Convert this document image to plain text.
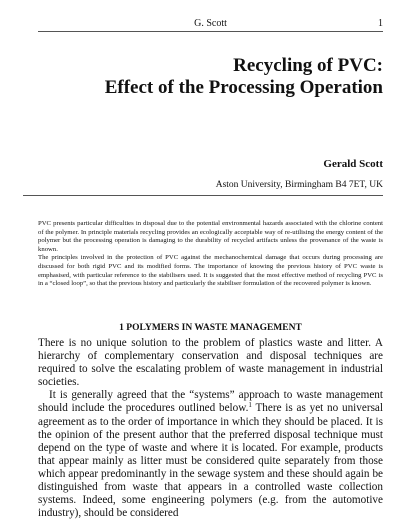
G. Scott	1
Recycling of PVC:
Effect of the Processing Operation
Gerald Scott
Aston University, Birmingham B4 7ET, UK

PVC presents particular difficulties in disposal due to the potential environmental hazards associated with the chlorine content of the polymer. In principle materials recycling provides an ecologically acceptable way of re-utilising the energy content of the polymer but the processing operation is damaging to the durability of recycled artifacts unless the provenance of the waste is known.

The principles involved in the protection of PVC against the mechanochemical damage that occurs during processing are discussed for both rigid PVC and its modified forms. The importance of knowing the previous history of PVC waste is emphasised, with particular reference to the stabilisers used. It is suggested that the most effective method of recycling PVC is in a “closed loop”, so that the previous history and particularly the stabiliser formulation of the recovered polymer is known.

1 POLYMERS IN WASTE MANAGEMENT

There is no unique solution to the problem of plastics waste and litter. A hierarchy of complementary conservation and disposal techniques are required to solve the escalating problem of waste management in industrial societies.

It is generally agreed that the “systems” approach to waste management should include the procedures outlined below.$^1$ There is as yet no universal agreement as to the order of importance in which they should be placed. It is the opinion of the present author that the preferred disposal technique must depend on the type of waste and where it is located. For example, products that appear mainly as litter must be considered quite separately from those which appear predominantly in the sewage system and these should again be distinguished from waste that appears in a controlled waste collection systems. Indeed, some engineering polymers (e.g. from the automotive industry), should be considered
